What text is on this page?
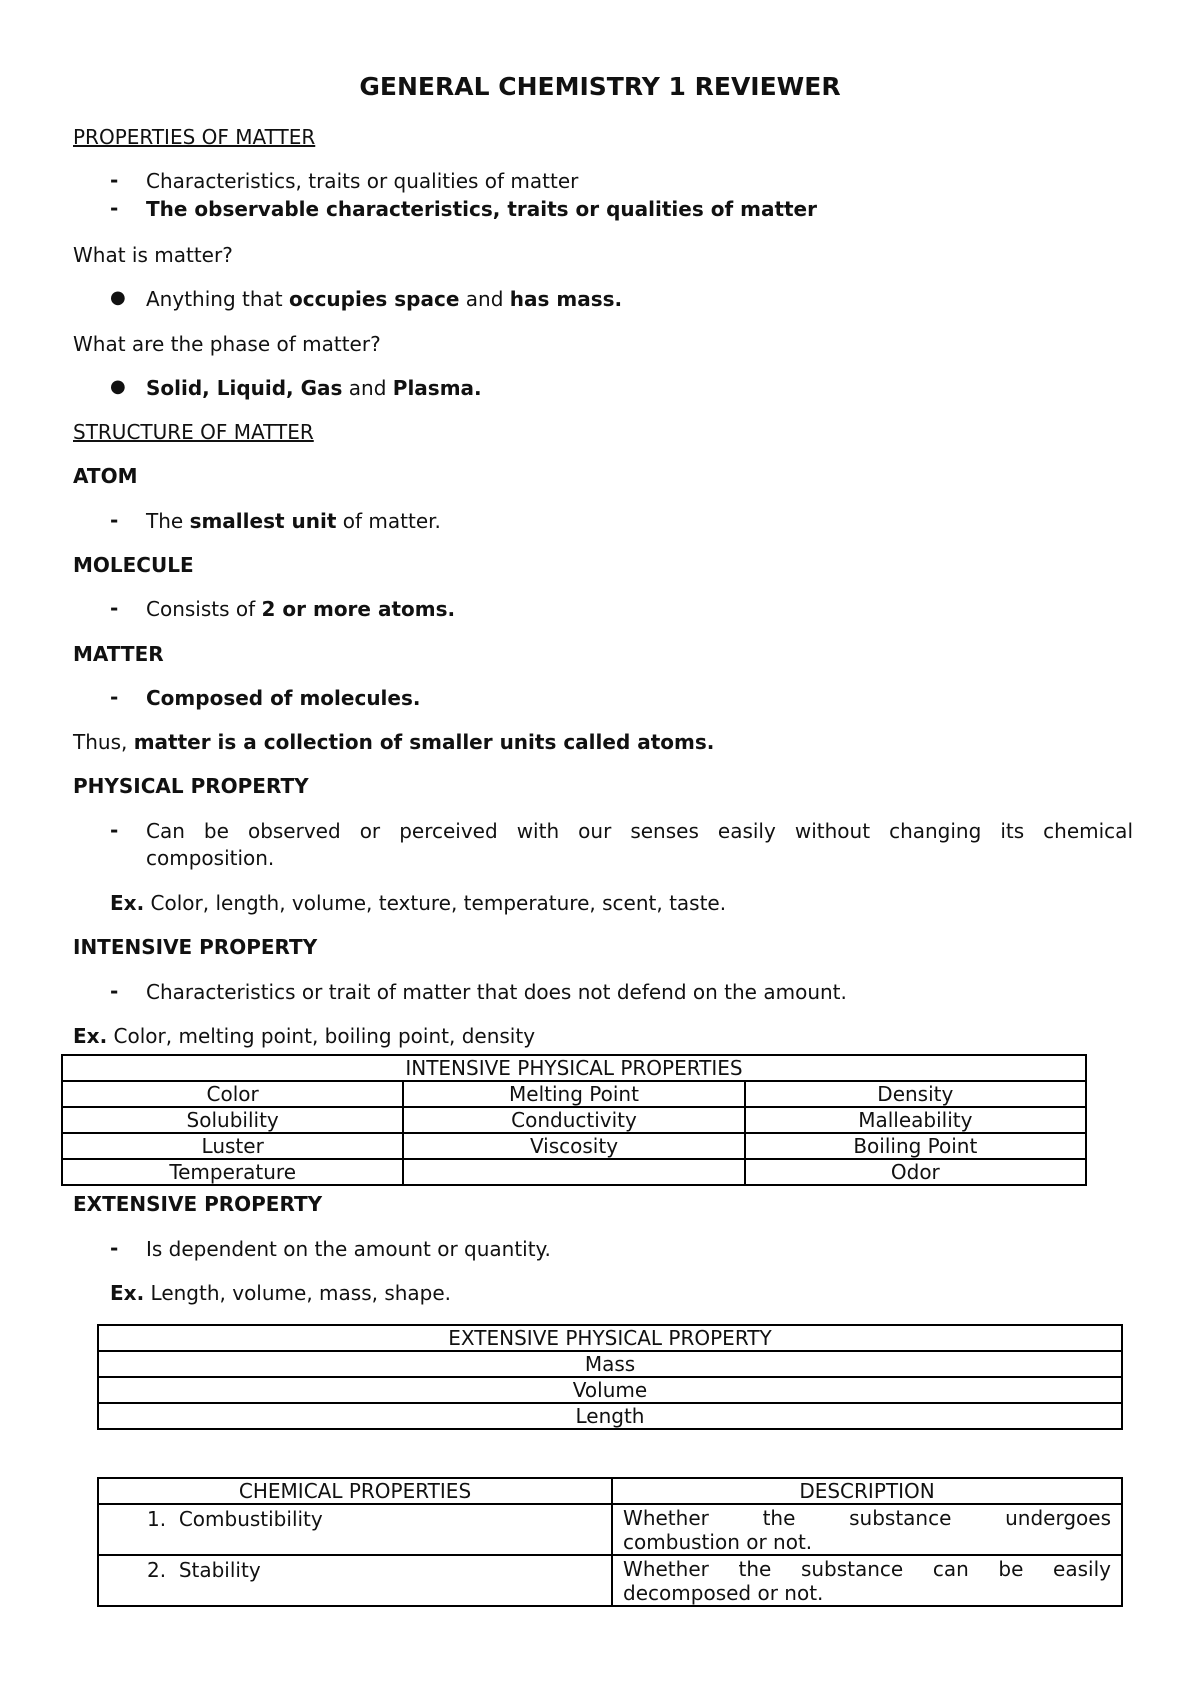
GENERAL CHEMISTRY 1 REVIEWER
PROPERTIES OF MATTER
- Characteristics, traits or qualities of matter
- The observable characteristics, traits or qualities of matter
What is matter?
● Anything that occupies space and has mass.
What are the phase of matter?
● Solid, Liquid, Gas and Plasma.
STRUCTURE OF MATTER
ATOM
- The smallest unit of matter.
MOLECULE
- Consists of 2 or more atoms.
MATTER
- Composed of molecules.
Thus, matter is a collection of smaller units called atoms.
PHYSICAL PROPERTY
- Can be observed or perceived with our senses easily without changing its chemical
composition.
Ex. Color, length, volume, texture, temperature, scent, taste.
INTENSIVE PROPERTY
- Characteristics or trait of matter that does not defend on the amount.
Ex. Color, melting point, boiling point, density
INTENSIVE PHYSICAL PROPERTIES		
Color	Melting Point	Density
Solubility	Conductivity	Malleability
Luster	Viscosity	Boiling Point
Temperature		Odor
EXTENSIVE PROPERTY
- Is dependent on the amount or quantity.
Ex. Length, volume, mass, shape.
EXTENSIVE PHYSICAL PROPERTY
Mass
Volume
Length
CHEMICAL PROPERTIES	DESCRIPTION
1. Combustibility	Whether the substance undergoes
combustion or not.
2. Stability	Whether the substance can be easily
decomposed or not.
